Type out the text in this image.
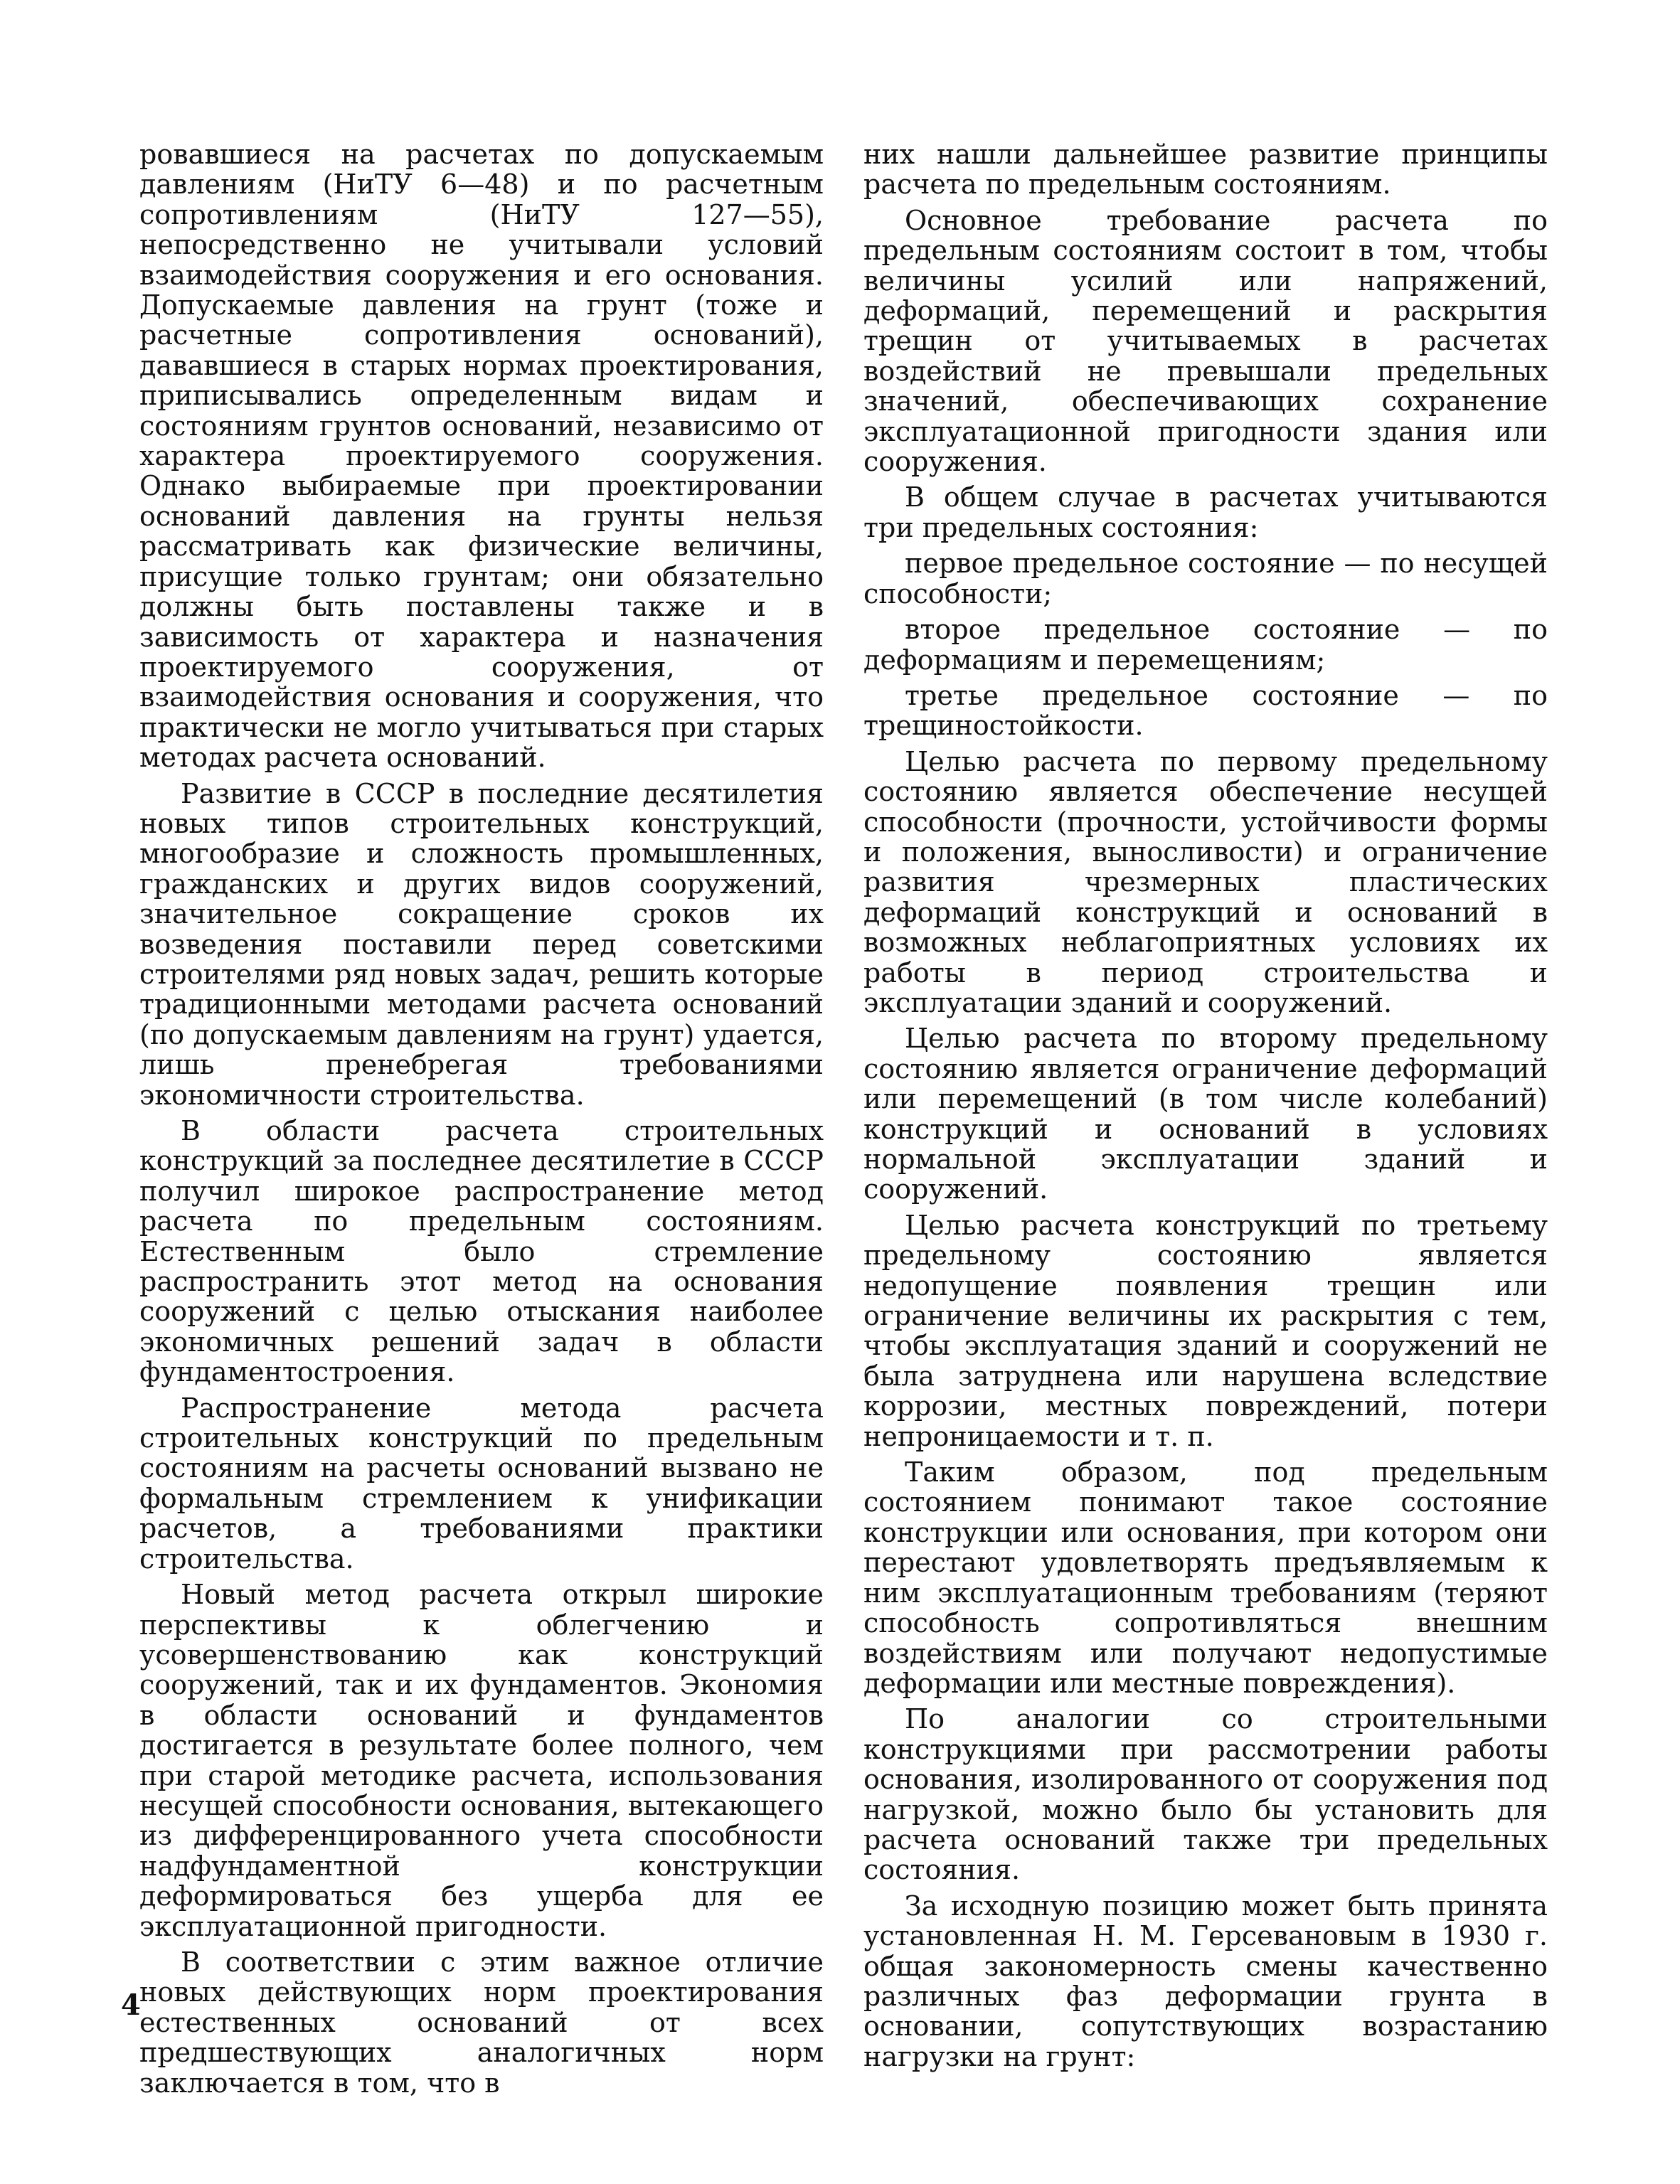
ровавшиеся на расчетах по допускаемым давлениям (НиТУ 6—48) и по расчетным сопротивлениям (НиТУ 127—55), непосредственно не учитывали условий взаимодействия сооружения и его основания. Допускаемые давления на грунт (тоже и расчетные сопротивления оснований), дававшиеся в старых нормах проектирования, приписывались определенным видам и состояниям грунтов оснований, независимо от характера проектируемого сооружения. Однако выбираемые при проектировании оснований давления на грунты нельзя рассматривать как физические величины, присущие только грунтам; они обязательно должны быть поставлены также и в зависимость от характера и назначения проектируемого сооружения, от взаимодействия основания и сооружения, что практически не могло учитываться при старых методах расчета оснований.

Развитие в СССР в последние десятилетия новых типов строительных конструкций, многообразие и сложность промышленных, гражданских и других видов сооружений, значительное сокращение сроков их возведения поставили перед советскими строителями ряд новых задач, решить которые традиционными методами расчета оснований (по допускаемым давлениям на грунт) удается, лишь пренебрегая требованиями экономичности строительства.

В области расчета строительных конструкций за последнее десятилетие в СССР получил широкое распространение метод расчета по предельным состояниям. Естественным было стремление распространить этот метод на основания сооружений с целью отыскания наиболее экономичных решений задач в области фундаментостроения.

Распространение метода расчета строительных конструкций по предельным состояниям на расчеты оснований вызвано не формальным стремлением к унификации расчетов, а требованиями практики строительства.

Новый метод расчета открыл широкие перспективы к облегчению и усовершенствованию как конструкций сооружений, так и их фундаментов. Экономия в области оснований и фундаментов достигается в результате более полного, чем при старой методике расчета, использования несущей способности основания, вытекающего из дифференцированного учета способности надфундаментной конструкции деформироваться без ущерба для ее эксплуатационной пригодности.

В соответствии с этим важное отличие новых действующих норм проектирования естественных оснований от всех предшествующих аналогичных норм заключается в том, что в

них нашли дальнейшее развитие принципы расчета по предельным состояниям.

Основное требование расчета по предельным состояниям состоит в том, чтобы величины усилий или напряжений, деформаций, перемещений и раскрытия трещин от учитываемых в расчетах воздействий не превышали предельных значений, обеспечивающих сохранение эксплуатационной пригодности здания или сооружения.

В общем случае в расчетах учитываются три предельных состояния:

первое предельное состояние — по несущей способности;

второе предельное состояние — по деформациям и перемещениям;

третье предельное состояние — по трещиностойкости.

Целью расчета по первому предельному состоянию является обеспечение несущей способности (прочности, устойчивости формы и положения, выносливости) и ограничение развития чрезмерных пластических деформаций конструкций и оснований в возможных неблагоприятных условиях их работы в период строительства и эксплуатации зданий и сооружений.

Целью расчета по второму предельному состоянию является ограничение деформаций или перемещений (в том числе колебаний) конструкций и оснований в условиях нормальной эксплуатации зданий и сооружений.

Целью расчета конструкций по третьему предельному состоянию является недопущение появления трещин или ограничение величины их раскрытия с тем, чтобы эксплуатация зданий и сооружений не была затруднена или нарушена вследствие коррозии, местных повреждений, потери непроницаемости и т. п.

Таким образом, под предельным состоянием понимают такое состояние конструкции или основания, при котором они перестают удовлетворять предъявляемым к ним эксплуатационным требованиям (теряют способность сопротивляться внешним воздействиям или получают недопустимые деформации или местные повреждения).

По аналогии со строительными конструкциями при рассмотрении работы основания, изолированного от сооружения под нагрузкой, можно было бы установить для расчета оснований также три предельных состояния.

За исходную позицию может быть принята установленная Н. М. Герсевановым в 1930 г. общая закономерность смены качественно различных фаз деформации грунта в основании, сопутствующих возрастанию нагрузки на грунт:

4
